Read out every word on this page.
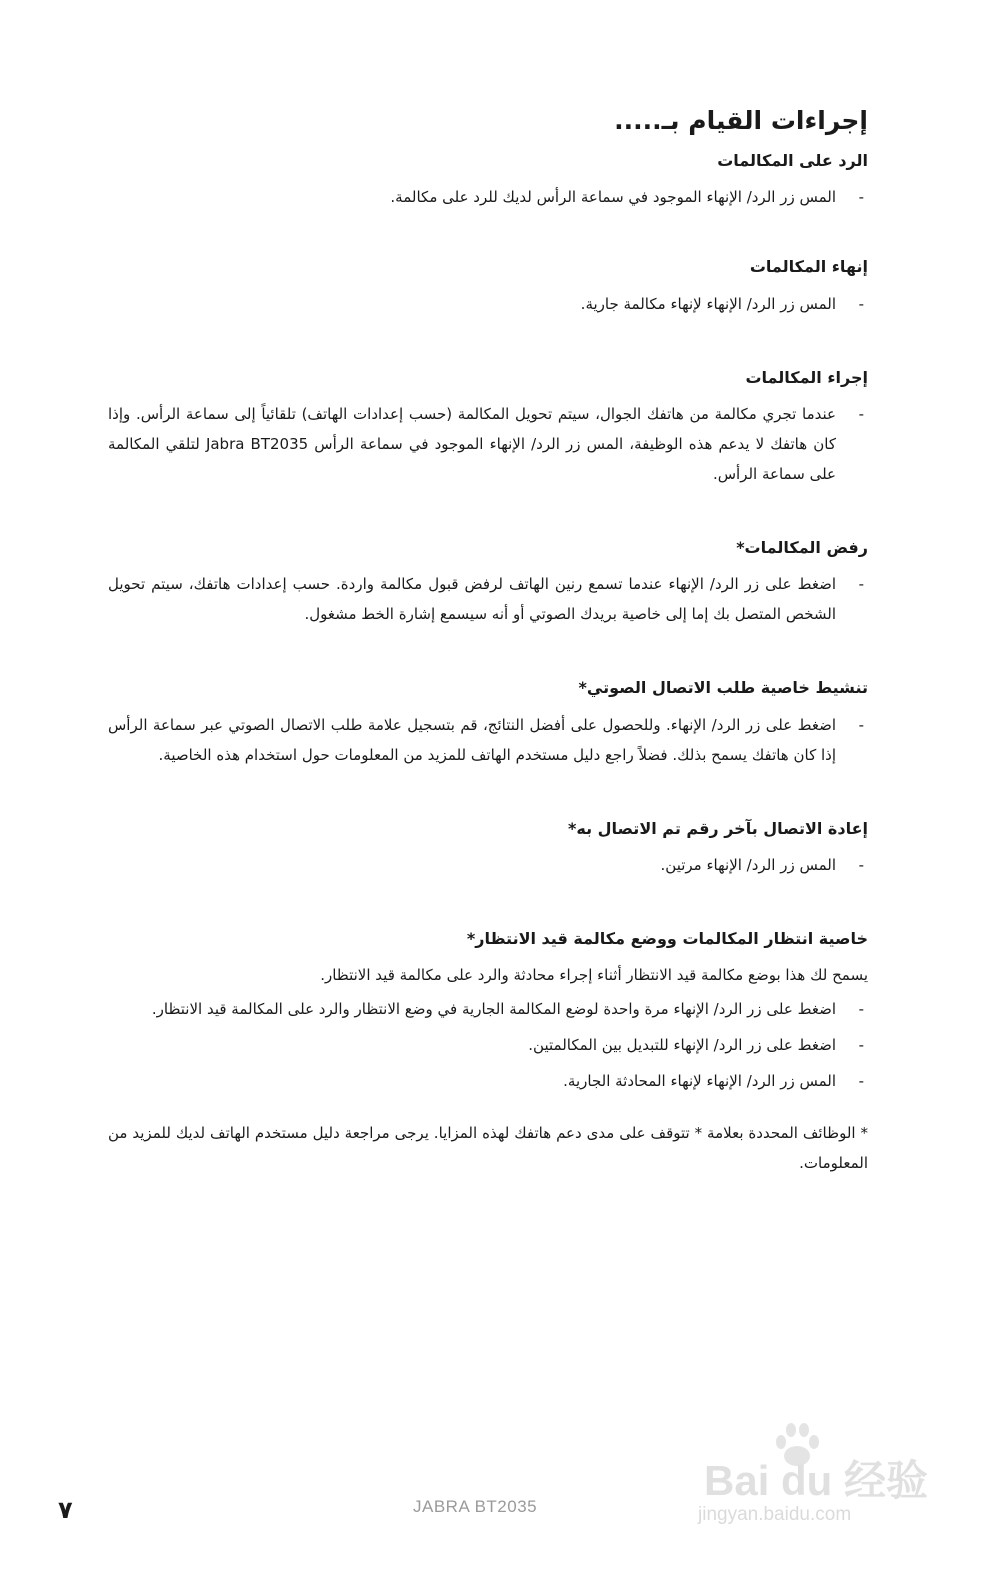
إجراءات القيام بـ.....
الرد على المكالمات
-
المس زر الرد/ الإنهاء الموجود في سماعة الرأس لديك للرد على مكالمة.
إنهاء المكالمات
-
المس زر الرد/ الإنهاء لإنهاء مكالمة جارية.
إجراء المكالمات
-
عندما تجري مكالمة من هاتفك الجوال، سيتم تحويل المكالمة (حسب إعدادات الهاتف) تلقائياً إلى سماعة الرأس. وإذا كان هاتفك لا يدعم هذه الوظيفة، المس زر الرد/ الإنهاء الموجود في سماعة الرأس Jabra BT2035 لتلقي المكالمة على سماعة الرأس.
رفض المكالمات*
-
اضغط على زر الرد/ الإنهاء عندما تسمع رنين الهاتف لرفض قبول مكالمة واردة. حسب إعدادات هاتفك، سيتم تحويل الشخص المتصل بك إما إلى خاصية بريدك الصوتي أو أنه سيسمع إشارة الخط مشغول.
تنشيط خاصية طلب الاتصال الصوتي*
-
اضغط على زر الرد/ الإنهاء. وللحصول على أفضل النتائج، قم بتسجيل علامة طلب الاتصال الصوتي عبر سماعة الرأس إذا كان هاتفك يسمح بذلك. فضلاً راجع دليل مستخدم الهاتف للمزيد من المعلومات حول استخدام هذه الخاصية.
إعادة الاتصال بآخر رقم تم الاتصال به*
-
المس زر الرد/ الإنهاء مرتين.
خاصية انتظار المكالمات ووضع مكالمة قيد الانتظار*

يسمح لك هذا بوضع مكالمة قيد الانتظار أثناء إجراء محادثة والرد على مكالمة قيد الانتظار.

-
اضغط على زر الرد/ الإنهاء مرة واحدة لوضع المكالمة الجارية في وضع الانتظار والرد على المكالمة قيد الانتظار.
-
اضغط على زر الرد/ الإنهاء للتبديل بين المكالمتين.
-
المس زر الرد/ الإنهاء لإنهاء المحادثة الجارية.

* الوظائف المحددة بعلامة * تتوقف على مدى دعم هاتفك لهذه المزايا. يرجى مراجعة دليل مستخدم الهاتف لديك للمزيد من المعلومات.

٧	JABRA BT2035
Bai du 经验
jingyan.baidu.com
